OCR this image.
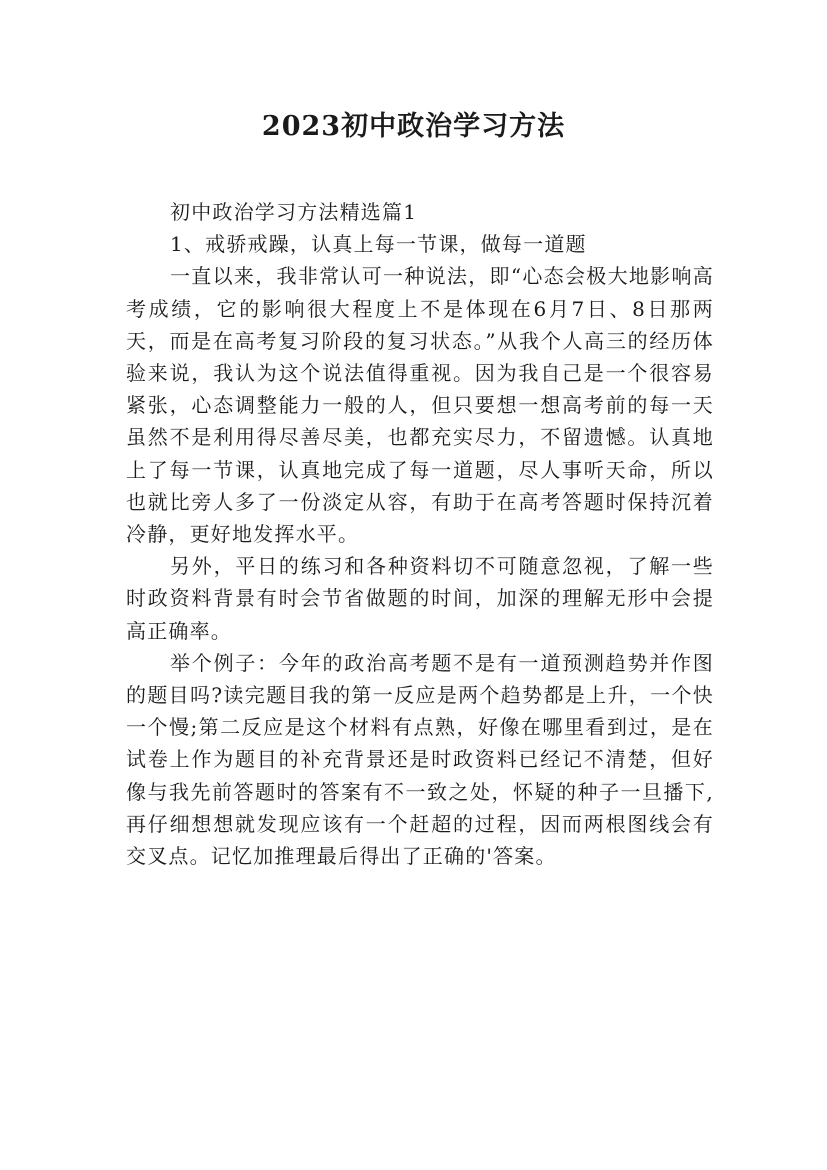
2023初中政治学习方法

初中政治学习方法精选篇1

1、戒骄戒躁，认真上每一节课，做每一道题

一直以来，我非常认可一种说法，即“心态会极大地影响高考成绩，它的影响很大程度上不是体现在6月7日、8日那两天，而是在高考复习阶段的复习状态。”从我个人高三的经历体验来说，我认为这个说法值得重视。因为我自己是一个很容易紧张，心态调整能力一般的人，但只要想一想高考前的每一天虽然不是利用得尽善尽美，也都充实尽力，不留遗憾。认真地上了每一节课，认真地完成了每一道题，尽人事听天命，所以也就比旁人多了一份淡定从容，有助于在高考答题时保持沉着冷静，更好地发挥水平。

另外，平日的练习和各种资料切不可随意忽视，了解一些时政资料背景有时会节省做题的时间，加深的理解无形中会提高正确率。

举个例子：今年的政治高考题不是有一道预测趋势并作图的题目吗?读完题目我的第一反应是两个趋势都是上升，一个快一个慢;第二反应是这个材料有点熟，好像在哪里看到过，是在试卷上作为题目的补充背景还是时政资料已经记不清楚，但好像与我先前答题时的答案有不一致之处，怀疑的种子一旦播下,再仔细想想就发现应该有一个赶超的过程，因而两根图线会有交叉点。记忆加推理最后得出了正确的'答案。
